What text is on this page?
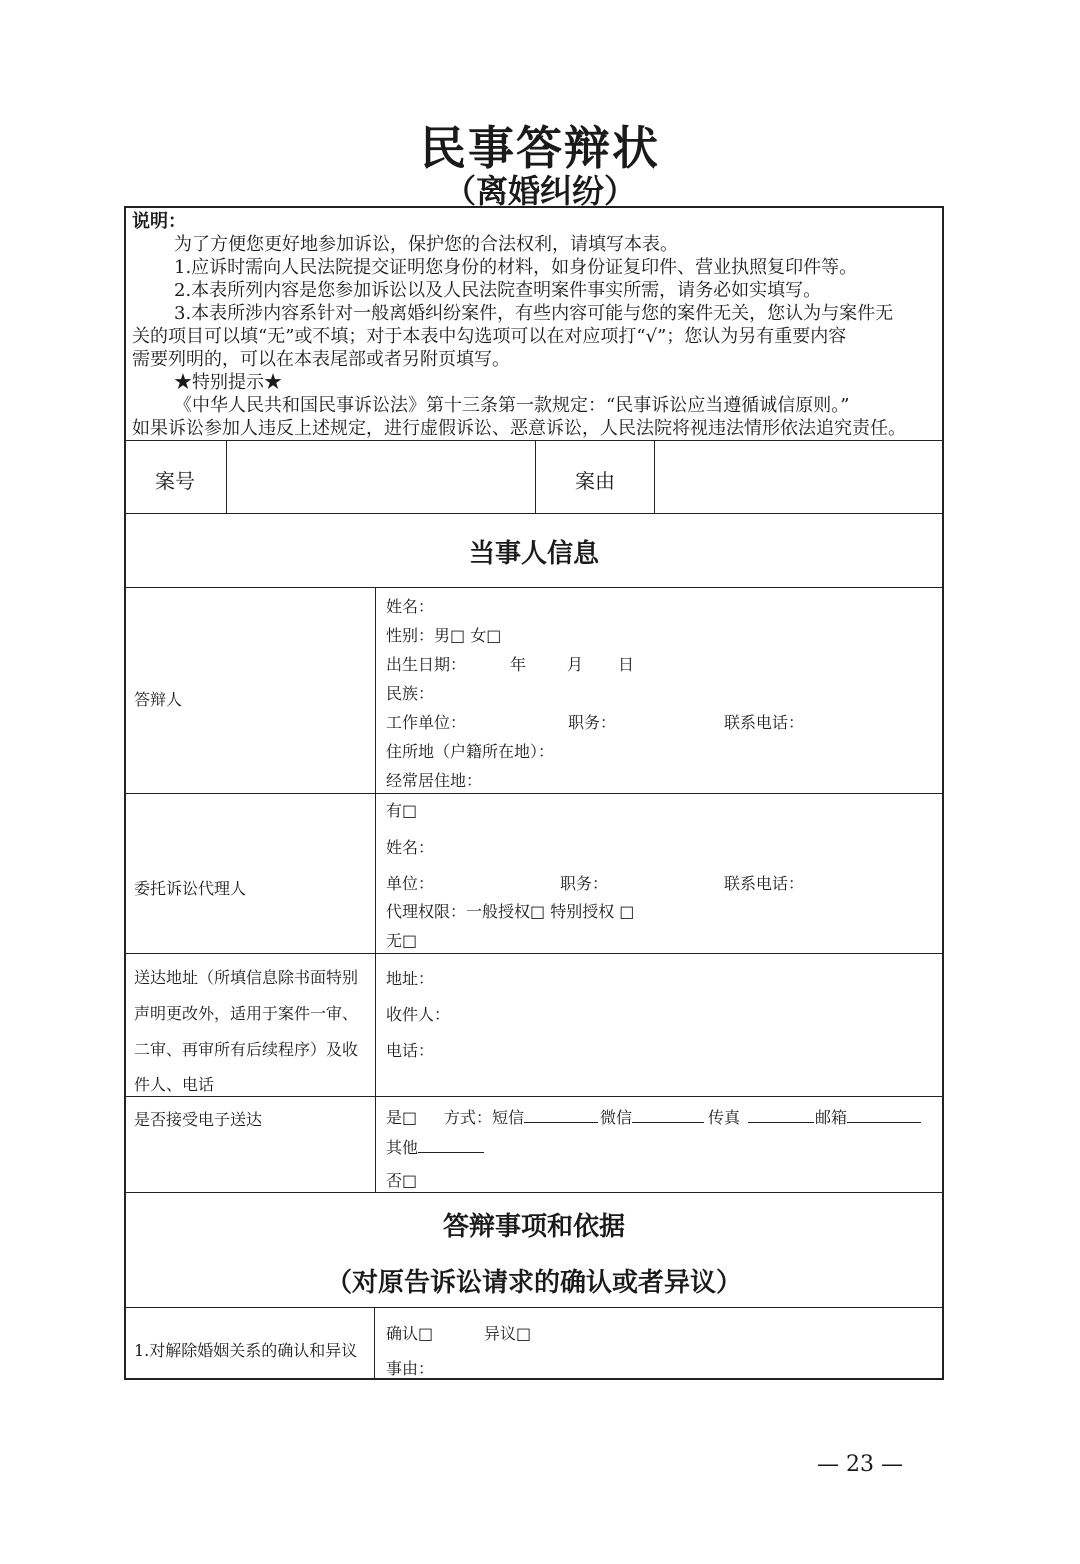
民事答辩状
（离婚纠纷）
说明：
为了方便您更好地参加诉讼，保护您的合法权利，请填写本表。
1.应诉时需向人民法院提交证明您身份的材料，如身份证复印件、营业执照复印件等。
2.本表所列内容是您参加诉讼以及人民法院查明案件事实所需，请务必如实填写。
3.本表所涉内容系针对一般离婚纠纷案件，有些内容可能与您的案件无关，您认为与案件无
关的项目可以填“无”或不填；对于本表中勾选项可以在对应项打“√”；您认为另有重要内容
需要列明的，可以在本表尾部或者另附页填写。
★特别提示★
《中华人民共和国民事诉讼法》第十三条第一款规定：“民事诉讼应当遵循诚信原则。”
如果诉讼参加人违反上述规定，进行虚假诉讼、恶意诉讼，人民法院将视违法情形依法追究责任。
案号	案由
当事人信息
答辩人
姓名：
性别：男□ 女□
出生日期：	年	月 日
民族：
工作单位：	职务：	联系电话：
住所地（户籍所在地）：
经常居住地：
委托诉讼代理人
有□
姓名：
单位：	职务：	联系电话：
代理权限：一般授权□ 特别授权 □
无□
送达地址（所填信息除书面特别
声明更改外，适用于案件一审、
二审、再审所有后续程序）及收
件人、电话
地址：
收件人：
电话：
是否接受电子送达	是□ 方式：短信	微信	传真	邮箱
其他
否□
答辩事项和依据
（对原告诉讼请求的确认或者异议）
1.对解除婚姻关系的确认和异议
确认□	异议□
事由：
— 23 —
